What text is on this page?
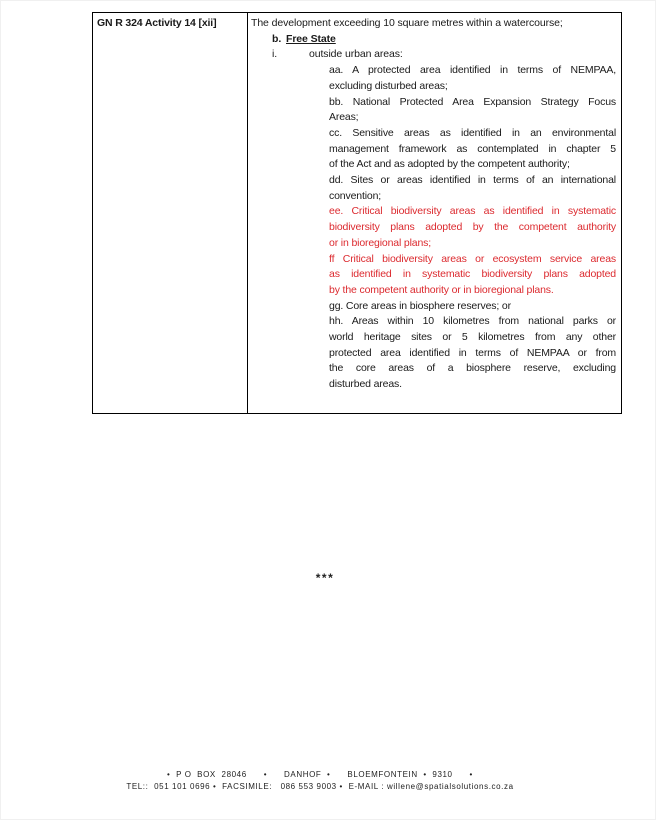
GN R 324 Activity 14 [xii]	The development exceeding 10 square metres within a watercourse;
b. Free State
i.	outside urban areas:
aa. A protected area identified in terms of NEMPAA,
excluding disturbed areas;
bb. National Protected Area Expansion Strategy Focus
Areas;
cc. Sensitive areas as identified in an environmental
management framework as contemplated in chapter 5
of the Act and as adopted by the competent authority;
dd. Sites or areas identified in terms of an international
convention;
ee. Critical biodiversity areas as identified in systematic
biodiversity plans adopted by the competent authority
or in bioregional plans;
ff Critical biodiversity areas or ecosystem service areas
as identified in systematic biodiversity plans adopted
by the competent authority or in bioregional plans.
gg. Core areas in biosphere reserves; or
hh. Areas within 10 kilometres from national parks or
world heritage sites or 5 kilometres from any other
protected area identified in terms of NEMPAA or from
the core areas of a biosphere reserve, excluding
disturbed areas.
***
•  P O  BOX  28046      •      DANHOF  •      BLOEMFONTEIN  •  9310      •
TEL::  051 101 0696 •  FACSIMILE:   086 553 9003 •  E-MAIL : willene@spatialsolutions.co.za
